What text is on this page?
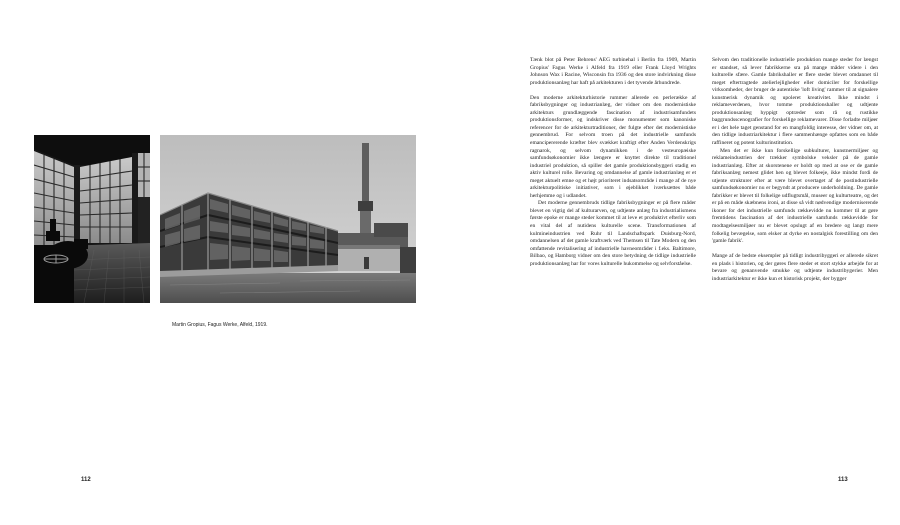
Martin Gropius, Fagus Werke, Alfeld, 1919.
112

Tænk blot på Peter Behrens' AEG turbinehal i Berlin fra 1909, Martin Gropius' Fagus Werke i Alfeld fra 1919 eller Frank Lloyd Wrights Johnson Wax i Racine, Wisconsin fra 1936 og den store indvirkning disse produktionsanlæg har haft på arkitekturen i det tyvende århundrede.

Den moderne arkitekturhistorie rummer allerede en perlerække af fabriksbygninger og industrianlæg, der vidner om den modernistiske arkitekturs grundlæggende fascination af industrisamfundets produktionsformer, og indskriver disse monumenter som kanoniske referencer for de arkitekturtraditioner, der fulgte efter det modernistiske gennembrud. For selvom troen på det industrielle samfunds emancipererende kræfter blev svækket kraftigt efter Anden Verdenskrigs ragnarok, og selvom dynamikken i de vesteuropæiske samfundsøkonomier ikke længere er knyttet direkte til traditionel industriel produktion, så spiller det gamle produktionsbyggeri stadig en aktiv kulturel rolle. Bevaring og omdannelse af gamle industrianlæg er et meget aktuelt emne og et højt prioriteret indsatsområde i mange af de nye arkitekturpolitiske initiativer, som i øjeblikket iværksættes både herhjemme og i udlandet.

Det moderne gennembruds tidlige fabriksbygninger er på flere måder blevet en vigtig del af kulturarven, og udtjente anlæg fra industrialismens første epoke er mange steder kommet til at leve et produktivt efterliv som en vital del af nutidens kulturelle scene. Transformationen af kulmineindustrien ved Ruhr til Landschaftspark Duisburg-Nord, omdannelsen af det gamle kraftværk ved Themsen til Tate Modern og den omfattende revitalisering af industrielle havneområder i f.eks. Baltimore, Bilbao, og Hamborg vidner om den store betydning de tidlige industrielle produktionsanlæg har for vores kulturelle hukommelse og selvforståelse.

Selvom den traditionelle industrielle produktion mange steder for længst er standset, så lever fabrikkerne sra på mange måder videre i den kulturelle sfære. Gamle fabrikshaller er flere steder blevet omdannet til meget eftertragtede atelierlejligheder eller domiciler for forskellige virksomheder, der bruger de autentiske 'loft living' rammer til at signalere kunstnerisk dynamik og upoleret kreativitet. Ikke mindst i reklameverdenen, hvor tomme produktionshaller og udtjente produktionsanlæg hyppigt optræder som rå og rustikke baggrundsscenografier for forskellige reklamevarer. Disse forladte miljøer er i det hele taget genstand for en mangfoldig interesse, der vidner om, at den tidlige industriarkitektur i flere sammenhænge opfattes som en både raffineret og potent kulturinstitution.

Men det er ikke kun forskellige subkulturer, kunstnermiljøer og reklameindustrien der trækker symbolske veksler på de gamle industrianlæg. Efter at skorstenene er holdt op med at ose er de gamle fabriksanlæg nemest glidet hen og blevet folkeeje, ikke mindst fordi de utjente strukturer efter at være blevet overtaget af de postindustrielle samfundsøkonomier nu er begyndt at producere underholdning. De gamle fabrikker er blevet til folkelige udflugtsmål, museer og kulturteatre, og det er på en måde skæbnens ironi, at disse så vidt nødvendige moderniserende ikoner for det industrielle samfunds rækkevidde nu kommer til at gøre fremtidens fascination af det industrielle samfunds rækkevidde for modtagelsesmiljøer nu er blevet opslugt af en bredere og langt mere folkelig bevægelse, som elsker at dyrke en nostalgisk forestilling om den 'gamle fabrik'.

Mange af de bedste eksempler på tidligt industribyggeri er allerede sikret en plads i historien, og der gøres flere steder et stort stykke arbejde for at bevare og genanvende smukke og udtjente industribygerier. Men industriarkitektur er ikke kun et historisk projekt, der bygger

113
